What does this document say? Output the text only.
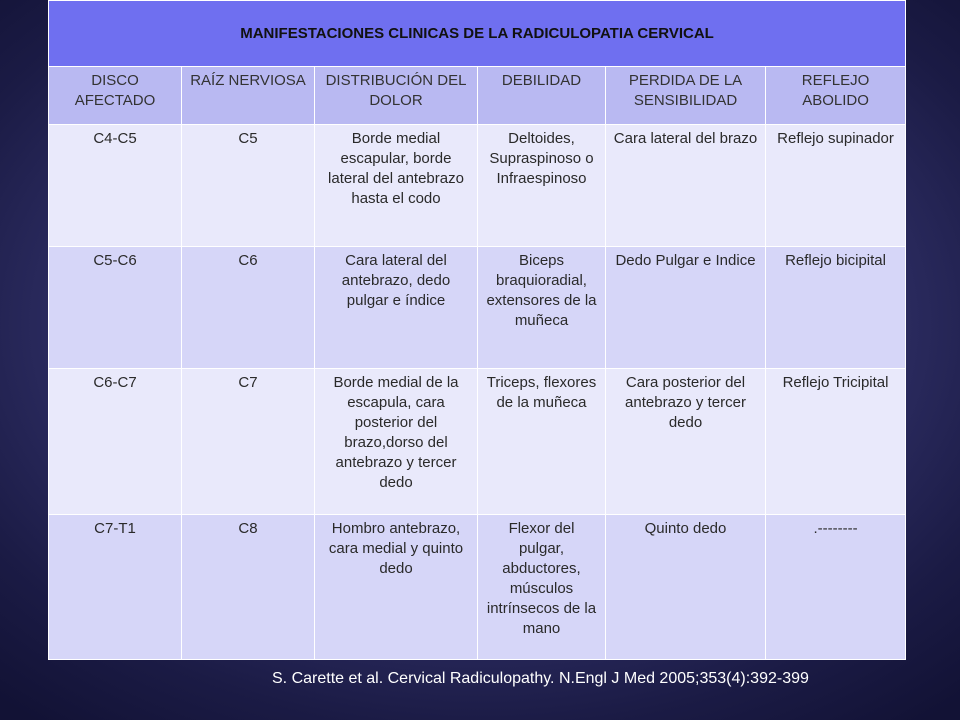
MANIFESTACIONES CLINICAS DE LA RADICULOPATIA CERVICAL					
DISCO AFECTADO	RAÍZ NERVIOSA	DISTRIBUCIÓN DEL DOLOR	DEBILIDAD	PERDIDA DE LA SENSIBILIDAD	REFLEJO ABOLIDO
C4-C5	C5	Borde medial escapular, borde lateral del antebrazo hasta el codo	Deltoides, Supraspinoso o Infraespinoso	Cara lateral del brazo	Reflejo supinador
C5-C6	C6	Cara lateral del antebrazo, dedo pulgar e índice	Biceps braquioradial, extensores de la muñeca	Dedo Pulgar e Indice	Reflejo bicipital
C6-C7	C7	Borde medial de la escapula, cara posterior del brazo,dorso del antebrazo y tercer dedo	Triceps, flexores de la muñeca	Cara posterior del antebrazo y tercer dedo	Reflejo Tricipital
C7-T1	C8	Hombro antebrazo, cara medial y quinto dedo	Flexor del pulgar, abductores, músculos intrínsecos de la mano	Quinto dedo	.--------
S. Carette et al. Cervical Radiculopathy. N.Engl J Med 2005;353(4):392-399
